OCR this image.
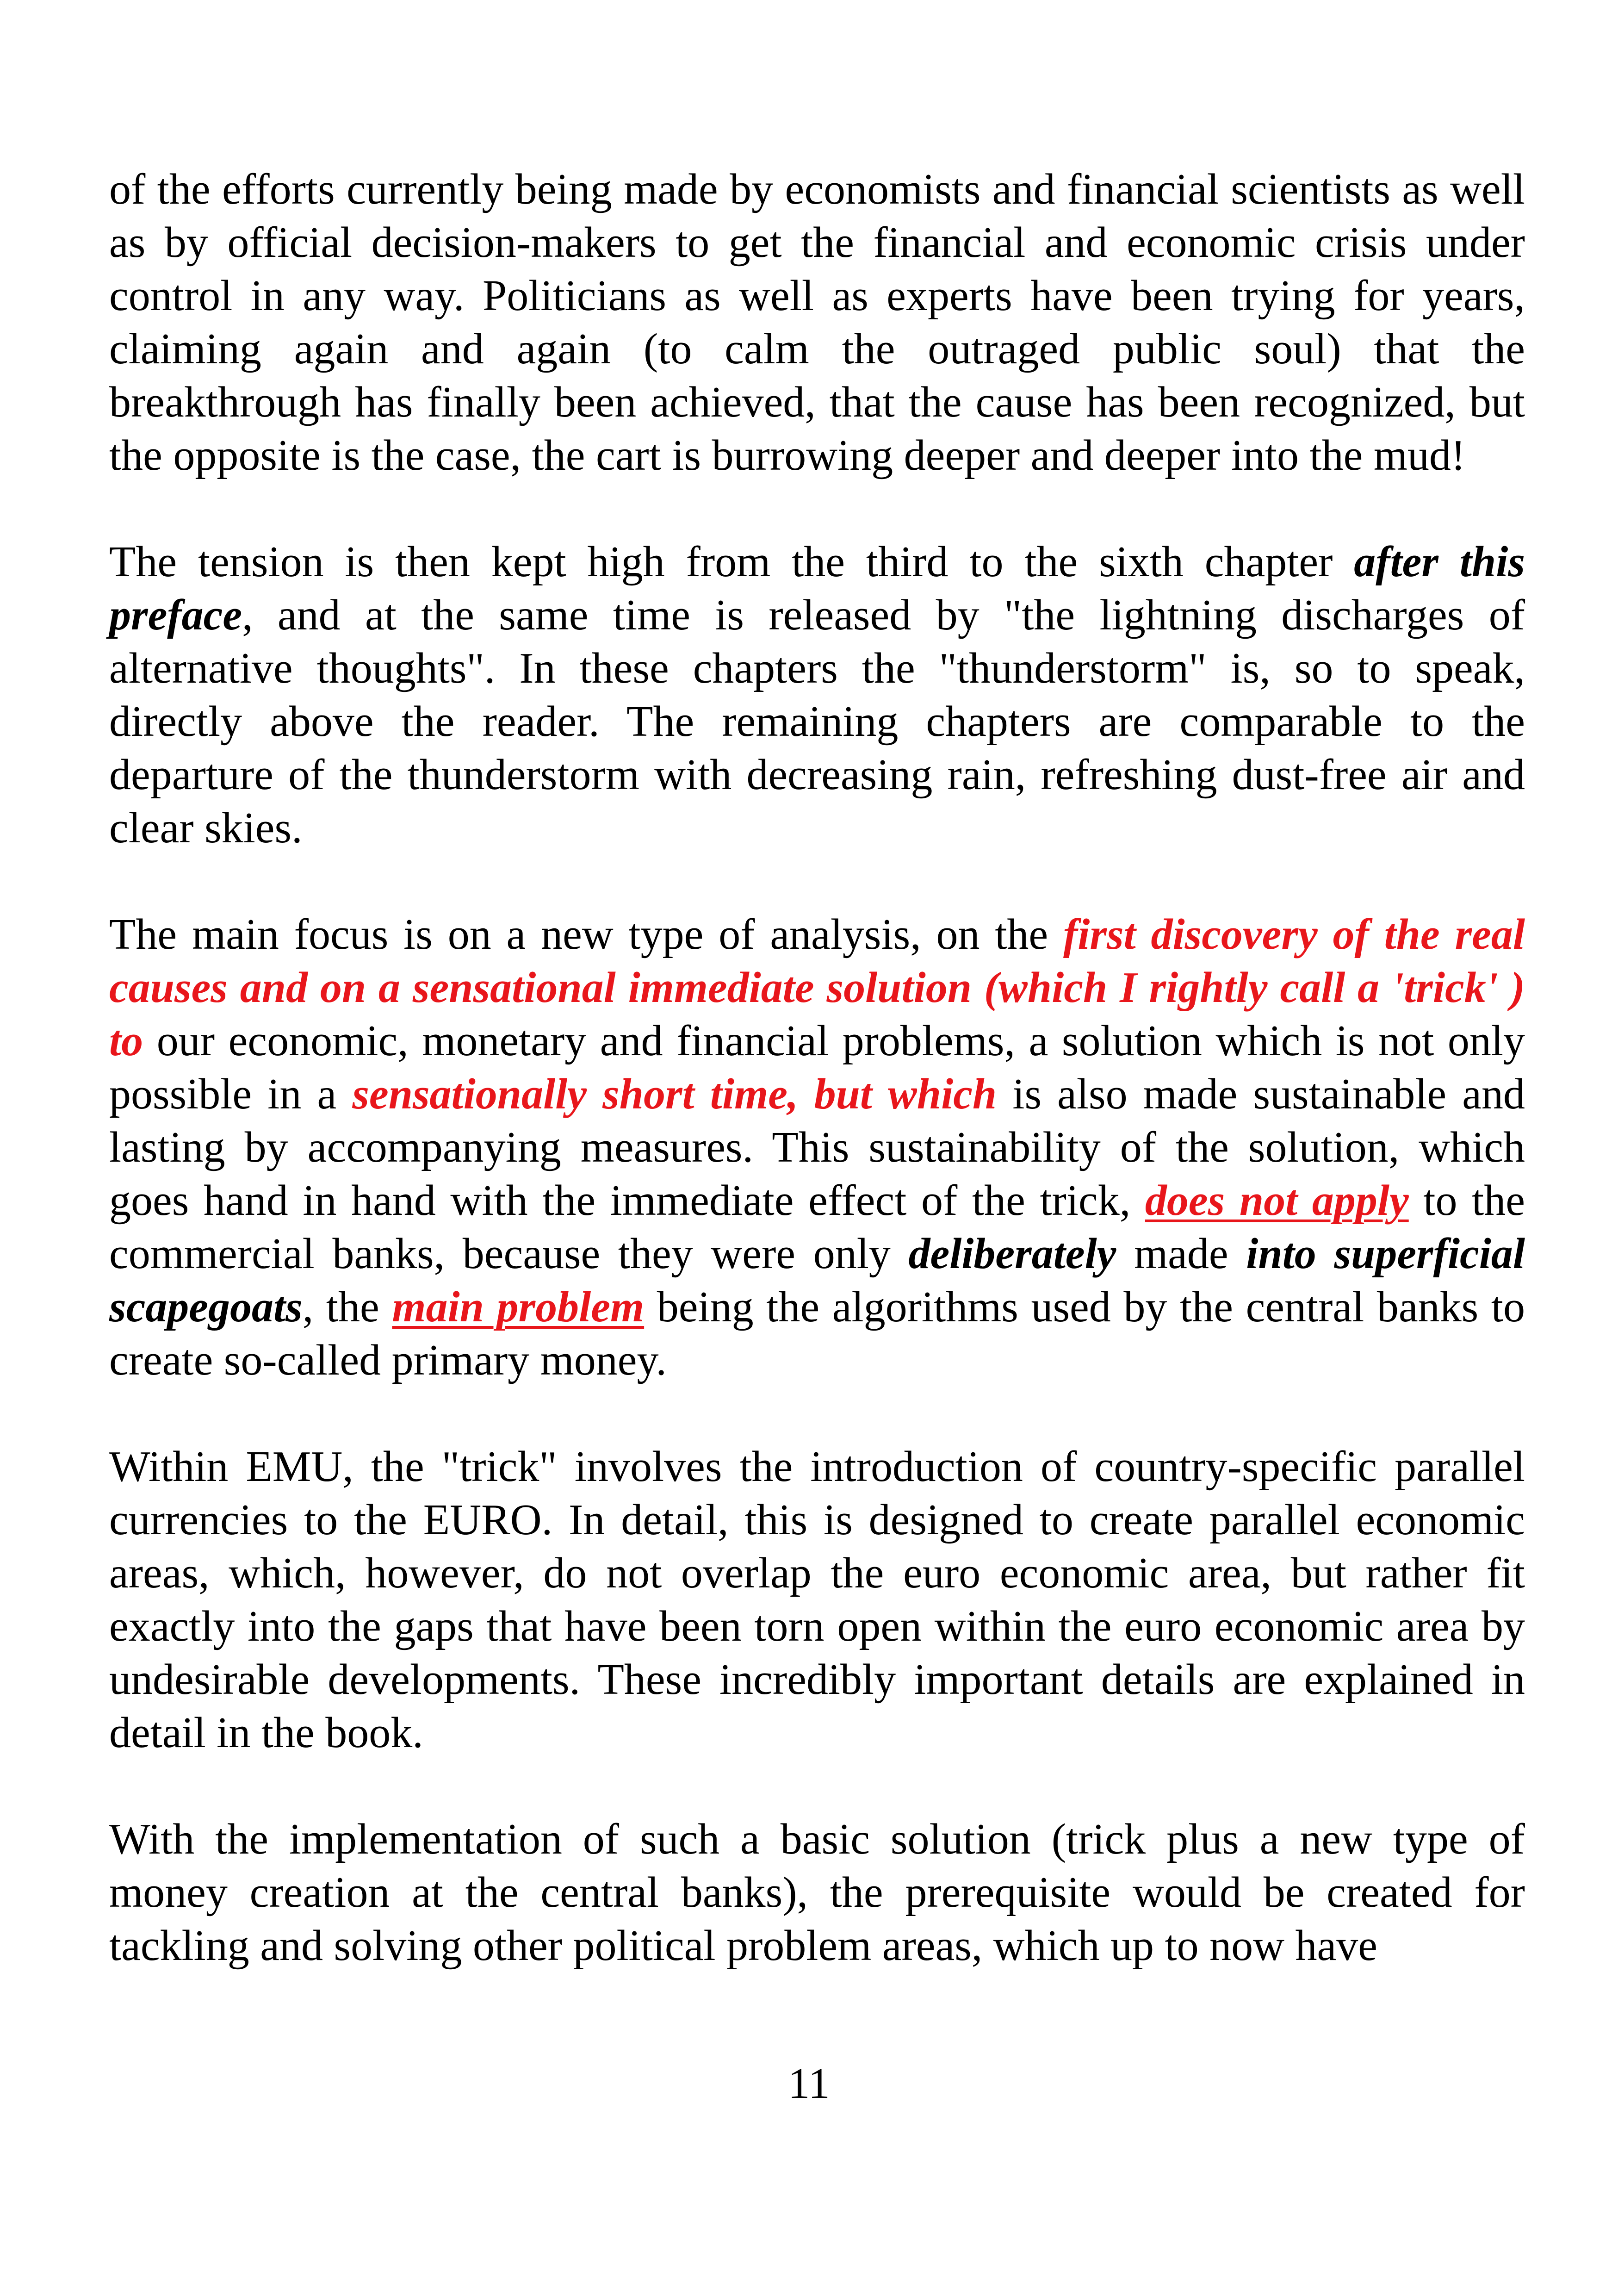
of the efforts currently being made by economists and financial scientists as well as by official decision-makers to get the financial and economic crisis under control in any way. Politicians as well as experts have been trying for years, claiming again and again (to calm the outraged public soul) that the breakthrough has finally been achieved, that the cause has been recognized, but the opposite is the case, the cart is burrowing deeper and deeper into the mud!

The tension is then kept high from the third to the sixth chapter after this preface, and at the same time is released by "the lightning discharges of alternative thoughts". In these chapters the "thunderstorm" is, so to speak, directly above the reader. The remaining chapters are comparable to the departure of the thunderstorm with decreasing rain, refreshing dust-free air and clear skies.

The main focus is on a new type of analysis, on the first discovery of the real causes and on a sensational immediate solution (which I rightly call a 'trick' ) to our economic, monetary and financial problems, a solution which is not only possible in a sensationally short time, but which is also made sustainable and lasting by accompanying measures. This sustainability of the solution, which goes hand in hand with the immediate effect of the trick, does not apply to the commercial banks, because they were only deliberately made into superficial scapegoats, the main problem being the algorithms used by the central banks to create so-called primary money.

Within EMU, the "trick" involves the introduction of country-specific parallel currencies to the EURO. In detail, this is designed to create parallel economic areas, which, however, do not overlap the euro economic area, but rather fit exactly into the gaps that have been torn open within the euro economic area by undesirable developments. These incredibly important details are explained in detail in the book.

With the implementation of such a basic solution (trick plus a new type of money creation at the central banks), the prerequisite would be created for tackling and solving other political problem areas, which up to now have

11
